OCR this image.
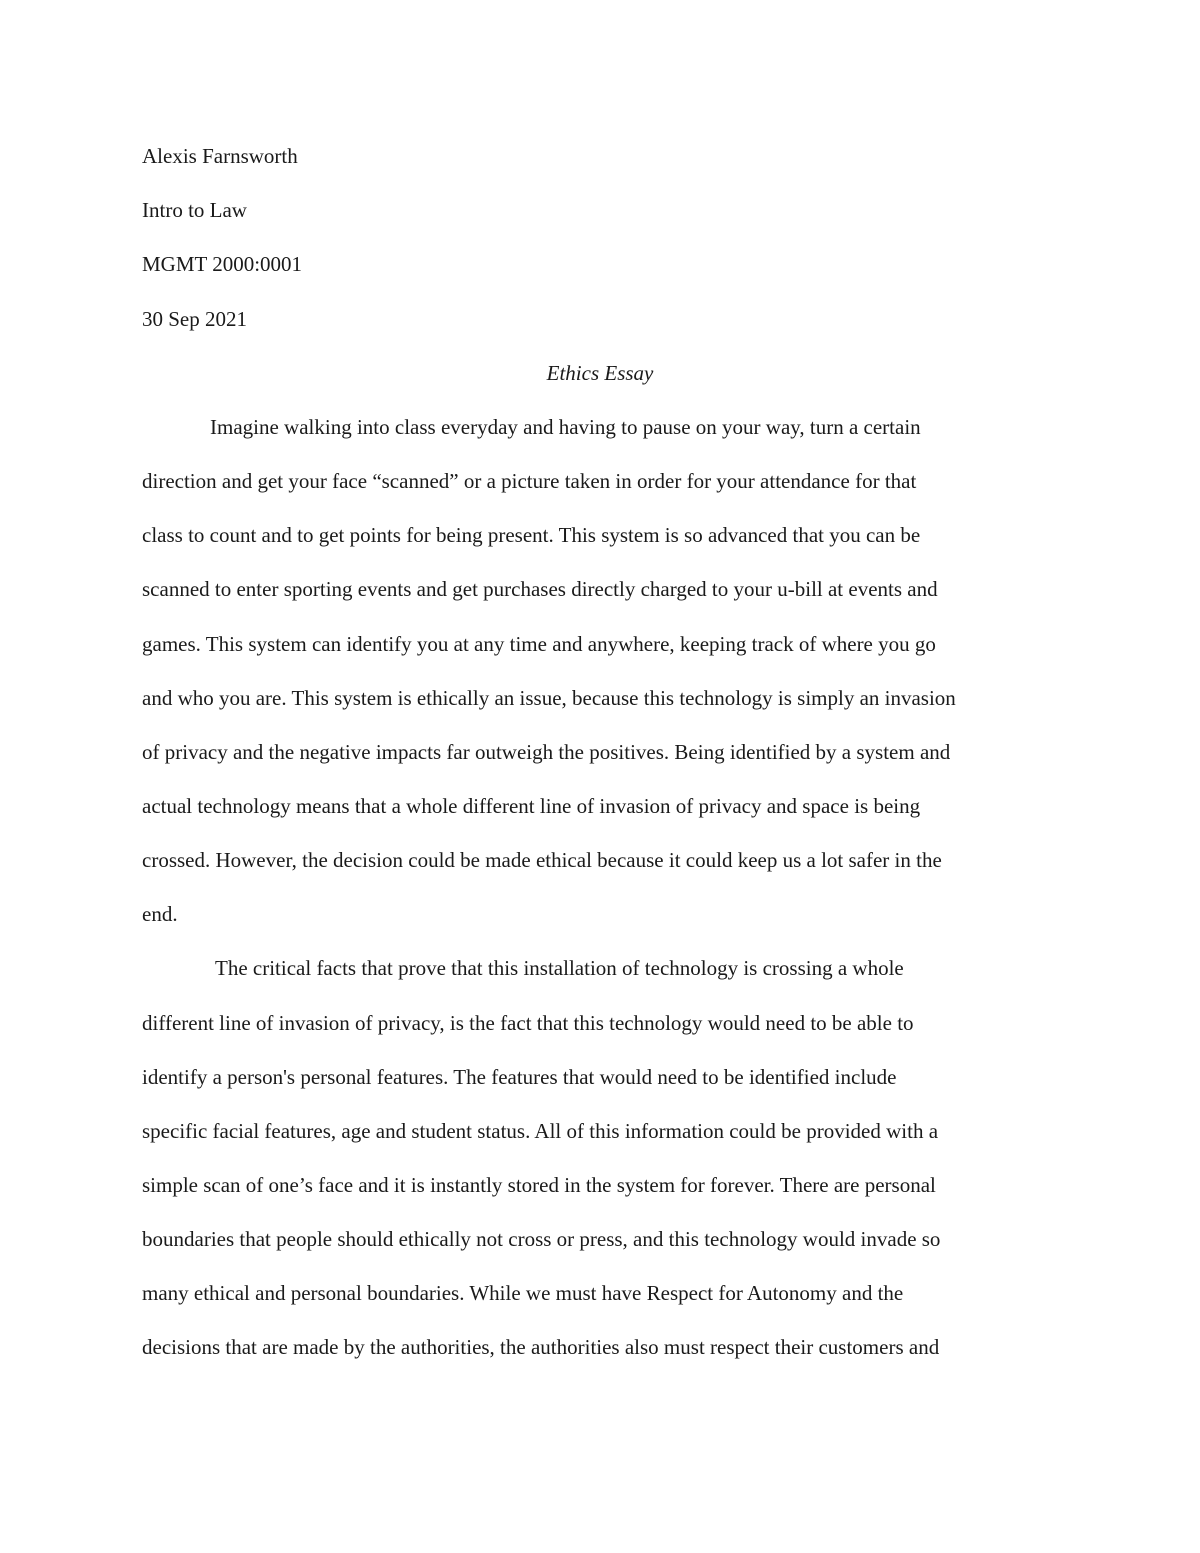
Alexis Farnsworth
Intro to Law
MGMT 2000:0001
30 Sep 2021
Ethics Essay
Imagine walking into class everyday and having to pause on your way, turn a certain
direction and get your face “scanned” or a picture taken in order for your attendance for that
class to count and to get points for being present. This system is so advanced that you can be
scanned to enter sporting events and get purchases directly charged to your u-bill at events and
games. This system can identify you at any time and anywhere, keeping track of where you go
and who you are. This system is ethically an issue, because this technology is simply an invasion
of privacy and the negative impacts far outweigh the positives. Being identified by a system and
actual technology means that a whole different line of invasion of privacy and space is being
crossed. However, the decision could be made ethical because it could keep us a lot safer in the
end.
The critical facts that prove that this installation of technology is crossing a whole
different line of invasion of privacy, is the fact that this technology would need to be able to
identify a person's personal features. The features that would need to be identified include
specific facial features, age and student status. All of this information could be provided with a
simple scan of one’s face and it is instantly stored in the system for forever. There are personal
boundaries that people should ethically not cross or press, and this technology would invade so
many ethical and personal boundaries. While we must have Respect for Autonomy and the
decisions that are made by the authorities, the authorities also must respect their customers and
